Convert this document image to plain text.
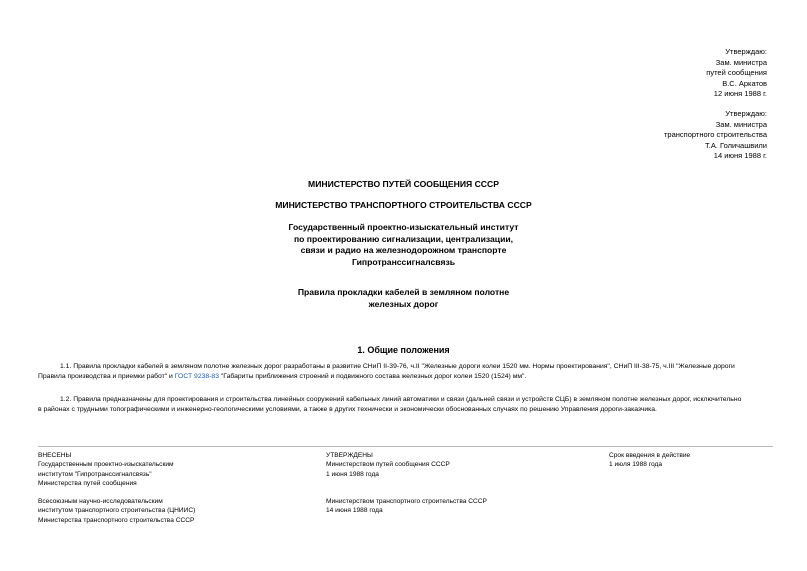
Утверждаю:
Зам. министра
путей сообщения
В.С. Аркатов
12 июня 1988 г.
Утверждаю:
Зам. министра
транспортного строительства
Т.А. Голичашвили
14 июня 1988 г.
МИНИСТЕРСТВО ПУТЕЙ СООБЩЕНИЯ СССР
МИНИСТЕРСТВО ТРАНСПОРТНОГО СТРОИТЕЛЬСТВА СССР
Государственный проектно-изыскательный институт
по проектированию сигнализации, централизации,
связи и радио на железнодорожном транспорте
Гипротранссигналсвязь
Правила прокладки кабелей в земляном полотне
железных дорог
1. Общие положения
1.1. Правила прокладки кабелей в земляном полотне железных дорог разработаны в развитие СНиП II-39-76, ч.II "Железные дороги колеи 1520 мм. Нормы проектирования", СНиП III-38-75, ч.III "Железные дороги
Правила производства и приемки работ" и ГОСТ 9238-83 "Габариты приближения строений и подвижного состава железных дорог колеи 1520 (1524) мм".
1.2. Правила предназначены для проектирования и строительства линейных сооружений кабельных линий автоматики и связи (дальней связи и устройств СЦБ) в земляном полотне железных дорог, исключительно
в районах с трудными топографическими и инженерно-геологическими условиями, а также в других технически и экономически обоснованных случаях по решению Управления дороги-заказчика.
ВНЕСЕНЫ
Государственным проектно-изыскательским
институтом "Гипротранссигналсвязь"
Министерства путей сообщения
Всесоюзным научно-исследовательским
институтом транспортного строительства (ЦНИИС)
Министерства транспортного строительства СССР
УТВЕРЖДЕНЫ
Министерством путей сообщения СССР
1 июня 1988 года
Министерством транспортного строительства СССР
14 июня 1988 года
Срок введения в действие
1 июля 1988 года
